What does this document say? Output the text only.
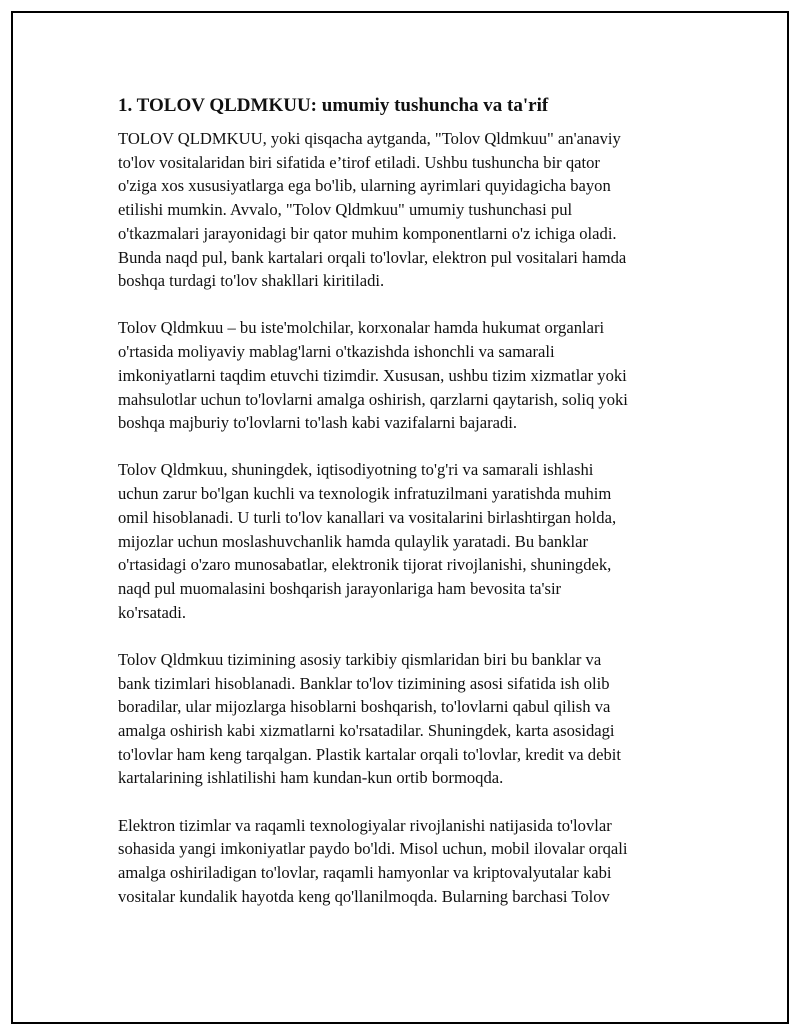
1. TOLOV QLDMKUU: umumiy tushuncha va ta'rif

TOLOV QLDMKUU, yoki qisqacha aytganda, "Tolov Qldmkuu" an'anaviy
to'lov vositalaridan biri sifatida e’tirof etiladi. Ushbu tushuncha bir qator
o'ziga xos xususiyatlarga ega bo'lib, ularning ayrimlari quyidagicha bayon
etilishi mumkin. Avvalo, "Tolov Qldmkuu" umumiy tushunchasi pul
o'tkazmalari jarayonidagi bir qator muhim komponentlarni o'z ichiga oladi.
Bunda naqd pul, bank kartalari orqali to'lovlar, elektron pul vositalari hamda
boshqa turdagi to'lov shakllari kiritiladi.

Tolov Qldmkuu – bu iste'molchilar, korxonalar hamda hukumat organlari
o'rtasida moliyaviy mablag'larni o'tkazishda ishonchli va samarali
imkoniyatlarni taqdim etuvchi tizimdir. Xususan, ushbu tizim xizmatlar yoki
mahsulotlar uchun to'lovlarni amalga oshirish, qarzlarni qaytarish, soliq yoki
boshqa majburiy to'lovlarni to'lash kabi vazifalarni bajaradi.

Tolov Qldmkuu, shuningdek, iqtisodiyotning to'g'ri va samarali ishlashi
uchun zarur bo'lgan kuchli va texnologik infratuzilmani yaratishda muhim
omil hisoblanadi. U turli to'lov kanallari va vositalarini birlashtirgan holda,
mijozlar uchun moslashuvchanlik hamda qulaylik yaratadi. Bu banklar
o'rtasidagi o'zaro munosabatlar, elektronik tijorat rivojlanishi, shuningdek,
naqd pul muomalasini boshqarish jarayonlariga ham bevosita ta'sir
ko'rsatadi.

Tolov Qldmkuu tizimining asosiy tarkibiy qismlaridan biri bu banklar va
bank tizimlari hisoblanadi. Banklar to'lov tizimining asosi sifatida ish olib
boradilar, ular mijozlarga hisoblarni boshqarish, to'lovlarni qabul qilish va
amalga oshirish kabi xizmatlarni ko'rsatadilar. Shuningdek, karta asosidagi
to'lovlar ham keng tarqalgan. Plastik kartalar orqali to'lovlar, kredit va debit
kartalarining ishlatilishi ham kundan-kun ortib bormoqda.

Elektron tizimlar va raqamli texnologiyalar rivojlanishi natijasida to'lovlar
sohasida yangi imkoniyatlar paydo bo'ldi. Misol uchun, mobil ilovalar orqali
amalga oshiriladigan to'lovlar, raqamli hamyonlar va kriptovalyutalar kabi
vositalar kundalik hayotda keng qo'llanilmoqda. Bularning barchasi Tolov
